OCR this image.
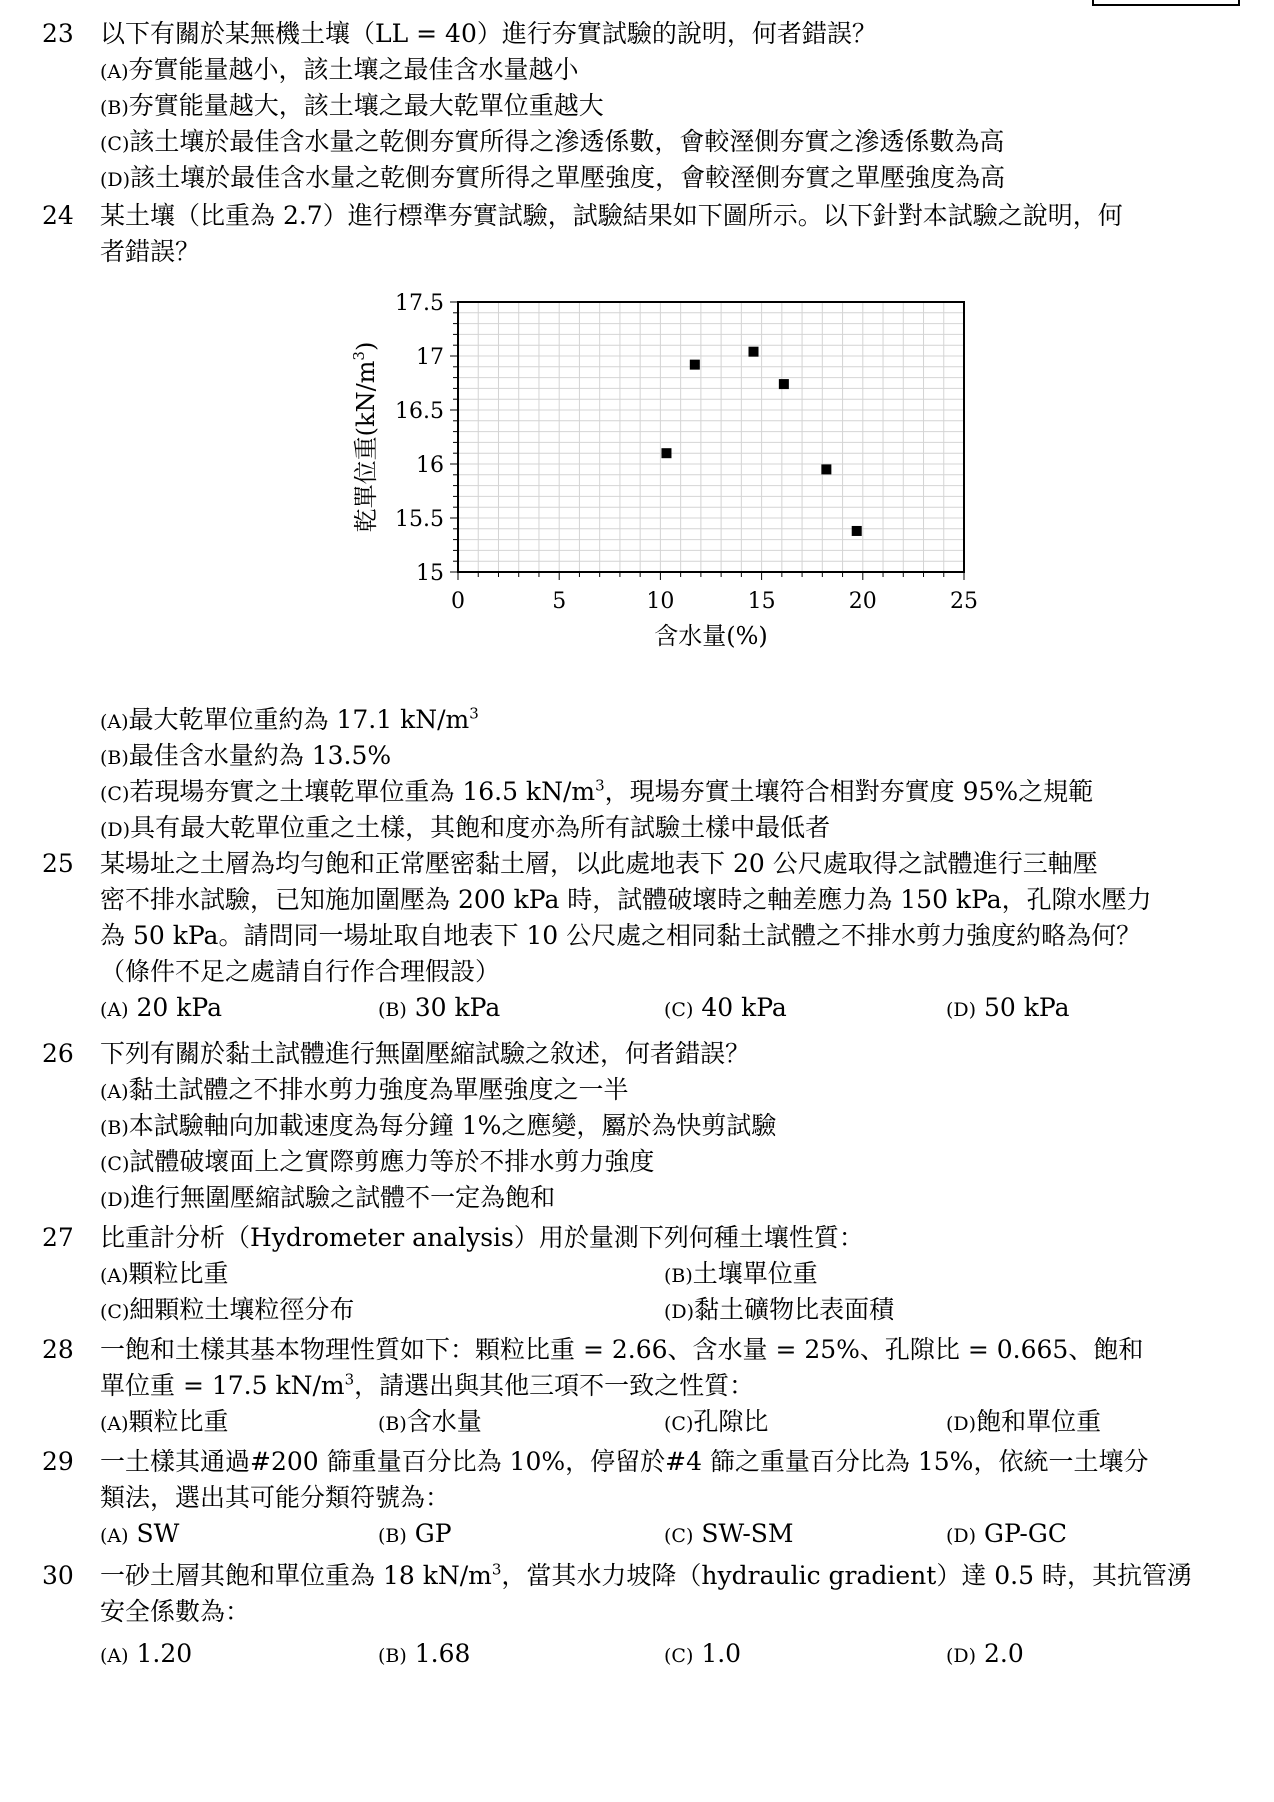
23 以下有關於某無機土壤（LL = 40）進行夯實試驗的說明，何者錯誤？
(A)夯實能量越小，該土壤之最佳含水量越小
(B)夯實能量越大，該土壤之最大乾單位重越大
(C)該土壤於最佳含水量之乾側夯實所得之滲透係數，會較溼側夯實之滲透係數為高
(D)該土壤於最佳含水量之乾側夯實所得之單壓強度，會較溼側夯實之單壓強度為高
24 某土壤（比重為 2.7）進行標準夯實試驗，試驗結果如下圖所示。以下針對本試驗之說明，何
者錯誤？
0	5	10	15	20	25
15
15.5
16
16.5
17
17.5
含水量(%)
乾單位重$(kN/m^3)$
(A)最大乾單位重約為 17.1 $kN/m^3$
(B)最佳含水量約為 13.5%
(C)若現場夯實之土壤乾單位重為 16.5 $kN/m^3$，現場夯實土壤符合相對夯實度 95%之規範
(D)具有最大乾單位重之土樣，其飽和度亦為所有試驗土樣中最低者
25 某場址之土層為均勻飽和正常壓密黏土層，以此處地表下 20 公尺處取得之試體進行三軸壓
密不排水試驗，已知施加圍壓為 200 kPa 時，試體破壞時之軸差應力為 150 kPa，孔隙水壓力
為 50 kPa。請問同一場址取自地表下 10 公尺處之相同黏土試體之不排水剪力強度約略為何？
（條件不足之處請自行作合理假設）
(A) 20 kPa	(B) 30 kPa	(C) 40 kPa	(D) 50 kPa
26 下列有關於黏土試體進行無圍壓縮試驗之敘述，何者錯誤？
(A)黏土試體之不排水剪力強度為單壓強度之一半
(B)本試驗軸向加載速度為每分鐘 1%之應變，屬於為快剪試驗
(C)試體破壞面上之實際剪應力等於不排水剪力強度
(D)進行無圍壓縮試驗之試體不一定為飽和
27 比重計分析（Hydrometer analysis）用於量測下列何種土壤性質：
(A)顆粒比重	(B)土壤單位重
(C)細顆粒土壤粒徑分布	(D)黏土礦物比表面積
28 一飽和土樣其基本物理性質如下：顆粒比重 = 2.66、含水量 = 25%、孔隙比 = 0.665、飽和
單位重 = 17.5 $kN/m^3$，請選出與其他三項不一致之性質：
(A)顆粒比重	(B)含水量	(C)孔隙比	(D)飽和單位重
29 一土樣其通過#200 篩重量百分比為 10%，停留於#4 篩之重量百分比為 15%，依統一土壤分
類法，選出其可能分類符號為：
(A) SW	(B) GP	(C) SW-SM	(D) GP-GC
30 一砂土層其飽和單位重為 18 $kN/m^3$，當其水力坡降（hydraulic gradient）達 0.5 時，其抗管湧
安全係數為：
(A) 1.20	(B) 1.68	(C) 1.0	(D) 2.0
